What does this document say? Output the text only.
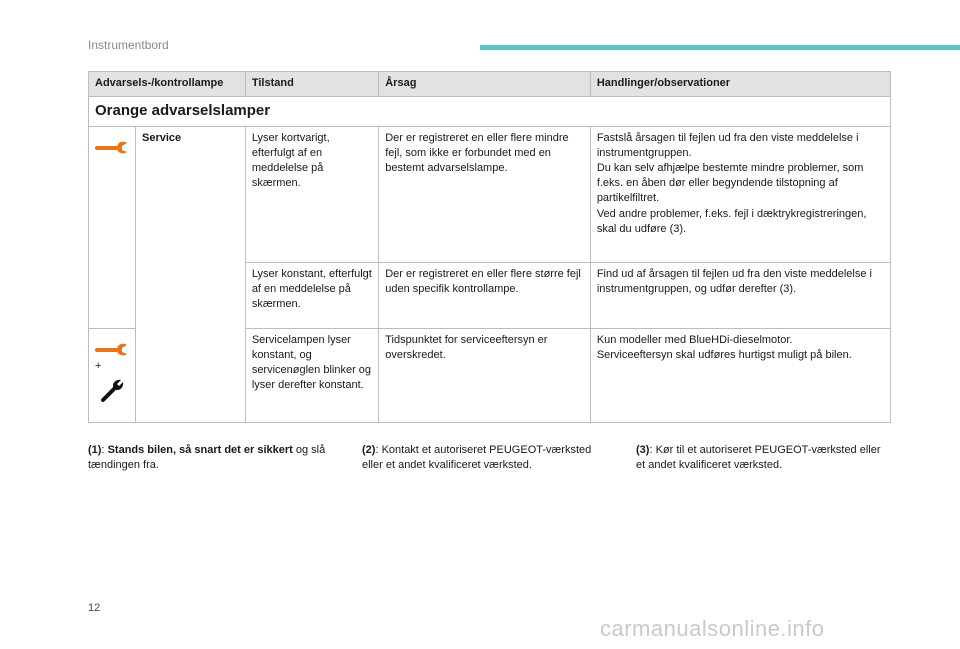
Instrumentbord
Advarsels-/kontrollampe		Tilstand	Årsag	Handlinger/observationer
Orange advarselslamper				

	Service	Lyser kortvarigt, efterfulgt af en meddelelse på skærmen.	Der er registreret en eller flere mindre fejl, som ikke er forbundet med en bestemt advarselslampe.	Fastslå årsagen til fejlen ud fra den viste meddelelse i instrumentgruppen.
Du kan selv afhjælpe bestemte mindre problemer, som f.eks. en åben dør eller begyndende tilstopning af partikelfiltret.
Ved andre problemer, f.eks. fejl i dæktrykregistreringen, skal du udføre (3).
		Lyser konstant, efterfulgt af en meddelelse på skærmen.	Der er registreret en eller flere større fejl uden specifik kontrollampe.	Find ud af årsagen til fejlen ud fra den viste meddelelse i instrumentgruppen, og udfør derefter (3).

+		Servicelampen lyser konstant, og servicenøglen blinker og lyser derefter konstant.	Tidspunktet for serviceeftersyn er overskredet.	Kun modeller med BlueHDi-dieselmotor.
Serviceeftersyn skal udføres hurtigst muligt på bilen.
(1): Stands bilen, så snart det er sikkert og slå tændingen fra.
(2): Kontakt et autoriseret PEUGEOT-værksted eller et andet kvalificeret værksted.
(3): Kør til et autoriseret PEUGEOT-værksted eller et andet kvalificeret værksted.
12
carmanualsonline.info
